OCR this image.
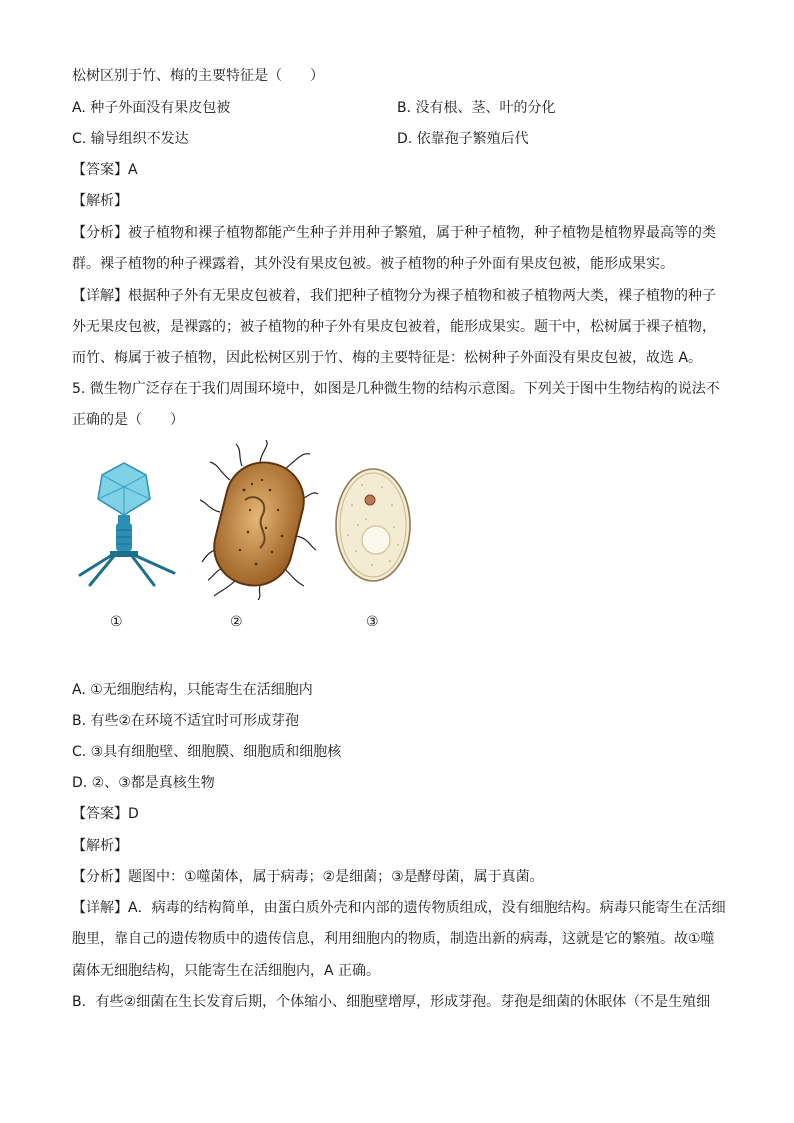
松树区别于竹、梅的主要特征是（　　）
A. 种子外面没有果皮包被	B. 没有根、茎、叶的分化
C. 输导组织不发达	D. 依靠孢子繁殖后代
【答案】A
【解析】
【分析】被子植物和裸子植物都能产生种子并用种子繁殖，属于种子植物，种子植物是植物界最高等的类
群。裸子植物的种子裸露着，其外没有果皮包被。被子植物的种子外面有果皮包被，能形成果实。
【详解】根据种子外有无果皮包被着，我们把种子植物分为裸子植物和被子植物两大类，裸子植物的种子
外无果皮包被，是裸露的；被子植物的种子外有果皮包被着，能形成果实。题干中，松树属于裸子植物，
而竹、梅属于被子植物，因此松树区别于竹、梅的主要特征是：松树种子外面没有果皮包被，故选 A。
5. 微生物广泛存在于我们周围环境中，如图是几种微生物的结构示意图。下列关于图中生物结构的说法不
正确的是（　　）
①	②	③
A. ①无细胞结构，只能寄生在活细胞内
B. 有些②在环境不适宜时可形成芽孢
C. ③具有细胞壁、细胞膜、细胞质和细胞核
D. ②、③都是真核生物
【答案】D
【解析】
【分析】题图中：①噬菌体，属于病毒；②是细菌；③是酵母菌，属于真菌。
【详解】A．病毒的结构简单，由蛋白质外壳和内部的遗传物质组成，没有细胞结构。病毒只能寄生在活细
胞里，靠自己的遗传物质中的遗传信息，利用细胞内的物质，制造出新的病毒，这就是它的繁殖。故①噬
菌体无细胞结构，只能寄生在活细胞内，A 正确。
B．有些②细菌在生长发育后期，个体缩小、细胞壁增厚，形成芽孢。芽孢是细菌的休眠体（不是生殖细
